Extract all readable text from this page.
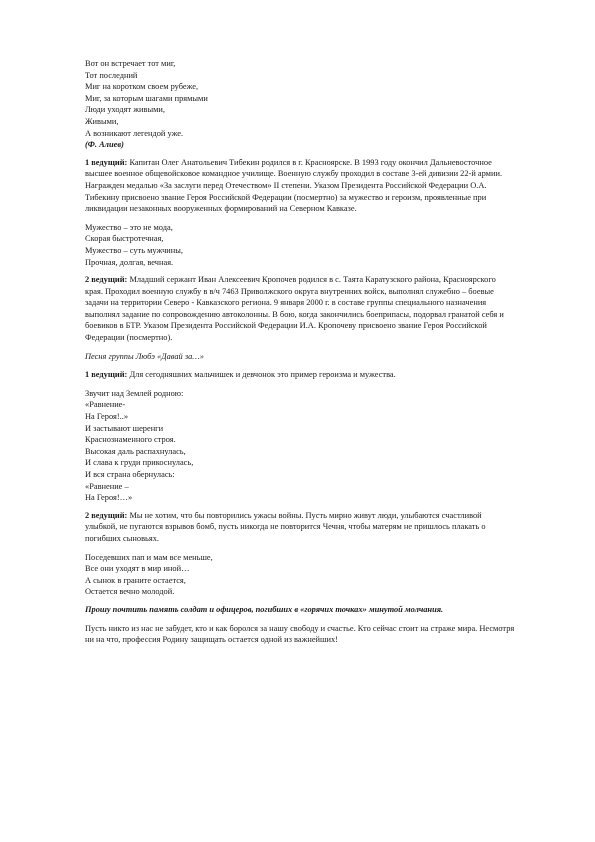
Вот он встречает тот миг,
Тот последний
Миг на коротком своем рубеже,
Миг, за которым шагами прямыми
Люди уходят живыми,
Живыми,
А возникают легендой уже.
(Ф. Алиев)

1 ведущий: Капитан Олег Анатольевич Тибекин родился в г. Красноярске. В 1993 году окончил Дальневосточное высшее военное общевойсковое командное училище. Военную службу проходил в составе 3-ей дивизии 22-й армии. Награжден медалью «За заслуги перед Отечеством» II степени. Указом Президента Российской Федерации О.А. Тибекину присвоено звание Героя Российской Федерации (посмертно) за мужество и героизм, проявленные при ликвидации незаконных вооруженных формирований на Северном Кавказе.

Мужество – это не мода,
Скорая быстротечная,
Мужество – суть мужчины,
Прочная, долгая, вечная.

2 ведущий: Младший сержант Иван Алексеевич Кропочев родился в с. Таята Каратузского района, Красноярского края. Проходил военную службу в в/ч 7463 Приволжского округа внутренних войск, выполнял служебно – боевые задачи на территории Северо - Кавказского региона. 9 января 2000 г. в составе группы специального назначения выполнял задание по сопровождению автоколонны. В бою, когда закончились боеприпасы, подорвал гранатой себя и боевиков в БТР. Указом Президента Российской Федерации И.А. Кропочеву присвоено звание Героя Российской Федерации (посмертно).

Песня группы Любэ «Давай за…»

1 ведущий: Для сегодняшних мальчишек и девчонок это пример героизма и мужества.

Звучит над Землей родною:
«Равнение-
На Героя!..»
И застывают шеренги
Краснознаменного строя.
Высокая даль распахнулась,
И слава к груди прикоснулась,
И вся страна обернулась:
«Равнение –
На Героя!…»

2 ведущий: Мы не хотим, что бы повторились ужасы войны. Пусть мирно живут люди, улыбаются счастливой улыбкой, не пугаются взрывов бомб, пусть никогда не повторится Чечня, чтобы матерям не пришлось плакать о погибших сыновьях.

Поседевших пап и мам все меньше,
Все они уходят в мир иной…
А сынок в граните остается,
Остается вечно молодой.

Прошу почтить память солдат и офицеров, погибших в «горячих точках» минутой молчания.

Пусть никто из нас не забудет, кто и как боролся за нашу свободу и счастье. Кто сейчас стоит на страже мира. Несмотря ни на что, профессия Родину защищать остается одной из важнейших!
